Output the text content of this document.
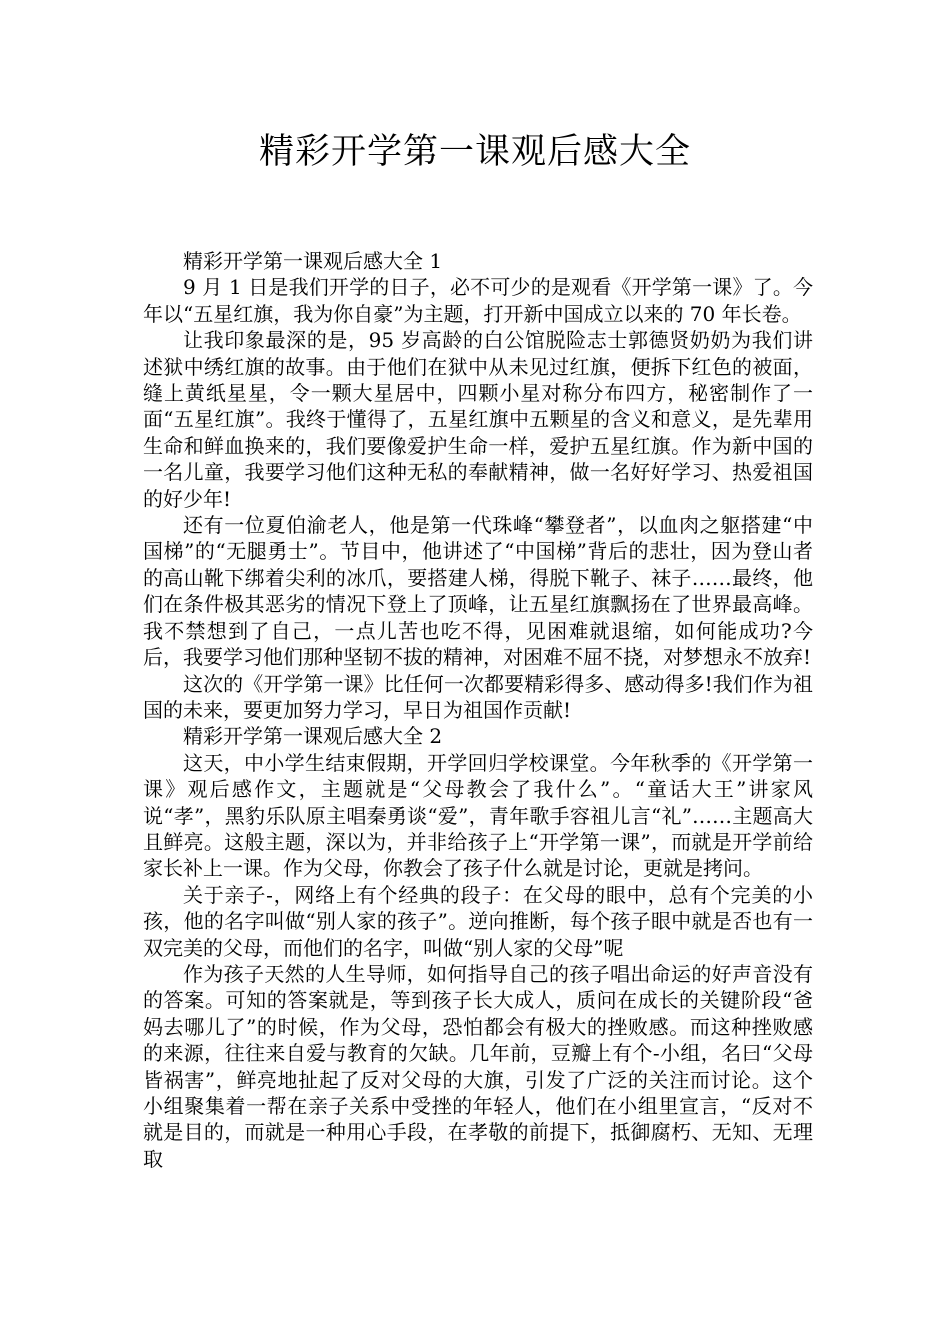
精彩开学第一课观后感大全

精彩开学第一课观后感大全 1

9 月 1 日是我们开学的日子，必不可少的是观看《开学第一课》了。今年以“五星红旗，我为你自豪”为主题，打开新中国成立以来的 70 年长卷。

让我印象最深的是，95 岁高龄的白公馆脱险志士郭德贤奶奶为我们讲述狱中绣红旗的故事。由于他们在狱中从未见过红旗，便拆下红色的被面，缝上黄纸星星，令一颗大星居中，四颗小星对称分布四方，秘密制作了一面“五星红旗”。我终于懂得了，五星红旗中五颗星的含义和意义，是先辈用生命和鲜血换来的，我们要像爱护生命一样，爱护五星红旗。作为新中国的一名儿童，我要学习他们这种无私的奉献精神，做一名好好学习、热爱祖国的好少年!

还有一位夏伯渝老人，他是第一代珠峰“攀登者”，以血肉之躯搭建“中国梯”的“无腿勇士”。节目中，他讲述了“中国梯”背后的悲壮，因为登山者的高山靴下绑着尖利的冰爪，要搭建人梯，得脱下靴子、袜子……最终，他们在条件极其恶劣的情况下登上了顶峰，让五星红旗飘扬在了世界最高峰。我不禁想到了自己，一点儿苦也吃不得，见困难就退缩，如何能成功?今后，我要学习他们那种坚韧不拔的精神，对困难不屈不挠，对梦想永不放弃!

这次的《开学第一课》比任何一次都要精彩得多、感动得多!我们作为祖国的未来，要更加努力学习，早日为祖国作贡献!

精彩开学第一课观后感大全 2

这天，中小学生结束假期，开学回归学校课堂。今年秋季的《开学第一课》观后感作文，主题就是“父母教会了我什么”。“童话大王”讲家风说“孝”，黑豹乐队原主唱秦勇谈“爱”，青年歌手容祖儿言“礼”……主题高大且鲜亮。这般主题，深以为，并非给孩子上“开学第一课”，而就是开学前给家长补上一课。作为父母，你教会了孩子什么就是讨论，更就是拷问。

关于亲子-，网络上有个经典的段子：在父母的眼中，总有个完美的小孩，他的名字叫做“别人家的孩子”。逆向推断，每个孩子眼中就是否也有一双完美的父母，而他们的名字，叫做“别人家的父母”呢

作为孩子天然的人生导师，如何指导自己的孩子唱出命运的好声音没有的答案。可知的答案就是，等到孩子长大成人，质问在成长的关键阶段“爸妈去哪儿了”的时候，作为父母，恐怕都会有极大的挫败感。而这种挫败感的来源，往往来自爱与教育的欠缺。几年前，豆瓣上有个-小组，名曰“父母皆祸害”，鲜亮地扯起了反对父母的大旗，引发了广泛的关注而讨论。这个小组聚集着一帮在亲子关系中受挫的年轻人，他们在小组里宣言，“反对不就是目的，而就是一种用心手段，在孝敬的前提下，抵御腐朽、无知、无理取
